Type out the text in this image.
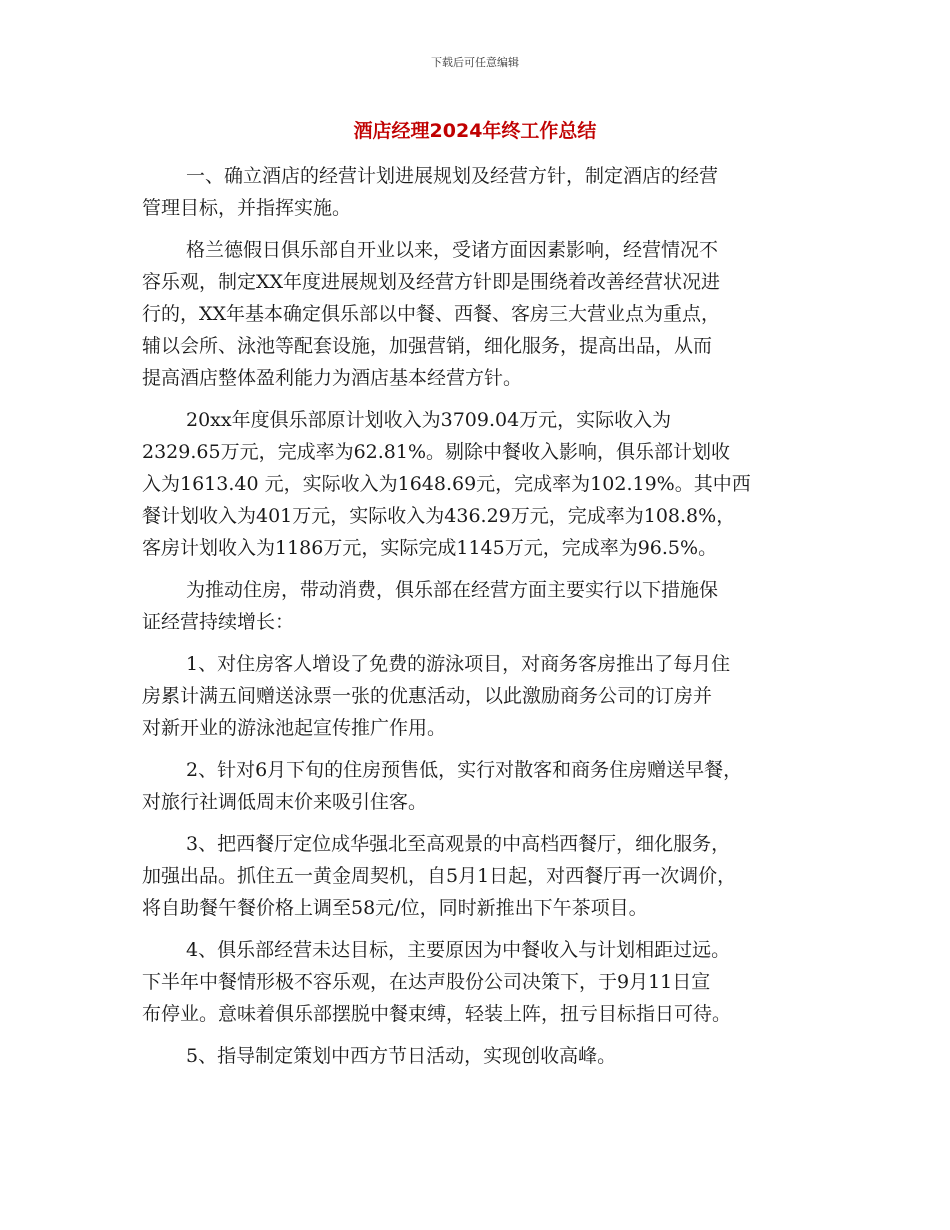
下载后可任意编辑
酒店经理2024年终工作总结
一、确立酒店的经营计划进展规划及经营方针，制定酒店的经营
管理目标，并指挥实施。
格兰德假日俱乐部自开业以来，受诸方面因素影响，经营情况不
容乐观，制定XX年度进展规划及经营方针即是围绕着改善经营状况进
行的，XX年基本确定俱乐部以中餐、西餐、客房三大营业点为重点，
辅以会所、泳池等配套设施，加强营销，细化服务，提高出品，从而
提高酒店整体盈利能力为酒店基本经营方针。
20xx年度俱乐部原计划收入为3709.04万元，实际收入为
2329.65万元，完成率为62.81%。剔除中餐收入影响，俱乐部计划收
入为1613.40 元，实际收入为1648.69元，完成率为102.19%。其中西
餐计划收入为401万元，实际收入为436.29万元，完成率为108.8%，
客房计划收入为1186万元，实际完成1145万元，完成率为96.5%。
为推动住房，带动消费，俱乐部在经营方面主要实行以下措施保
证经营持续增长：
1、对住房客人增设了免费的游泳项目，对商务客房推出了每月住
房累计满五间赠送泳票一张的优惠活动，以此激励商务公司的订房并
对新开业的游泳池起宣传推广作用。
2、针对6月下旬的住房预售低，实行对散客和商务住房赠送早餐，
对旅行社调低周末价来吸引住客。
3、把西餐厅定位成华强北至高观景的中高档西餐厅，细化服务，
加强出品。抓住五一黄金周契机，自5月1日起，对西餐厅再一次调价，
将自助餐午餐价格上调至58元/位，同时新推出下午茶项目。
4、俱乐部经营未达目标，主要原因为中餐收入与计划相距过远。
下半年中餐情形极不容乐观，在达声股份公司决策下，于9月11日宣
布停业。意味着俱乐部摆脱中餐束缚，轻装上阵，扭亏目标指日可待。
5、指导制定策划中西方节日活动，实现创收高峰。
